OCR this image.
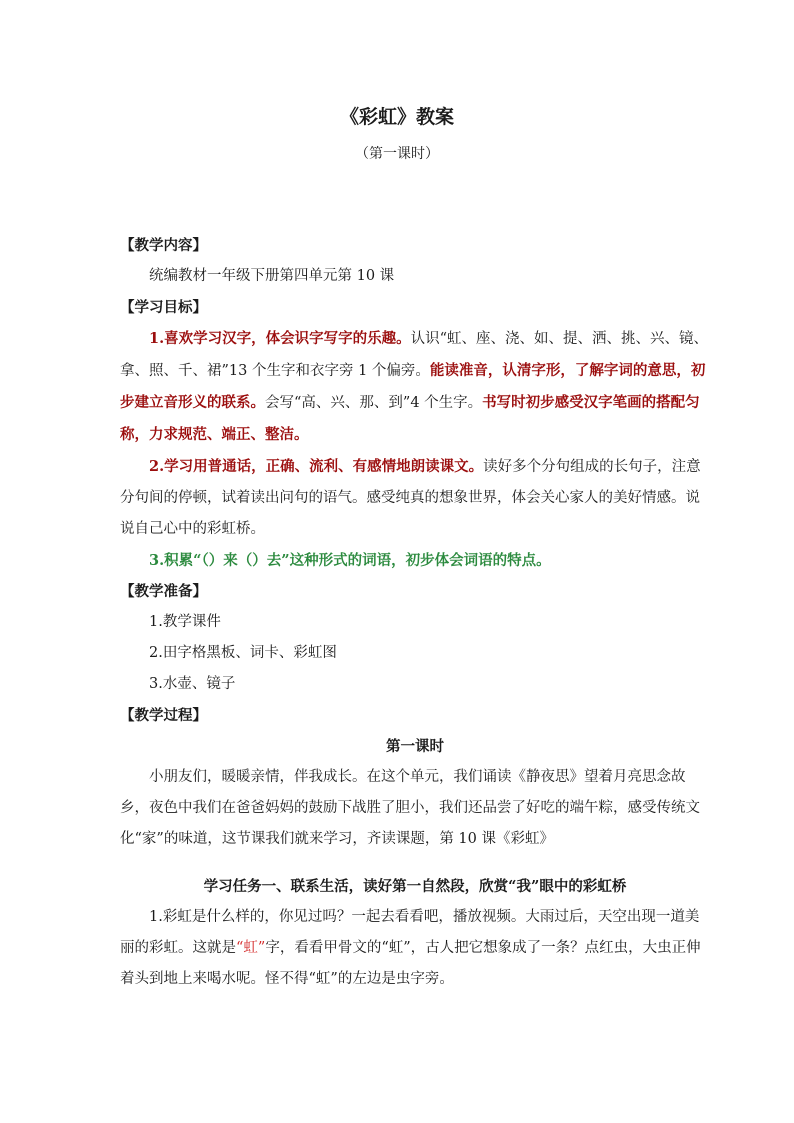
《彩虹》教案
（第一课时）

【教学内容】

统编教材一年级下册第四单元第 10 课

【学习目标】

1.喜欢学习汉字，体会识字写字的乐趣。认识“虹、座、浇、如、提、洒、挑、兴、镜、拿、照、千、裙”13 个生字和衣字旁 1 个偏旁。能读准音，认清字形，了解字词的意思，初步建立音形义的联系。会写“高、兴、那、到”4 个生字。书写时初步感受汉字笔画的搭配匀称，力求规范、端正、整洁。

2.学习用普通话，正确、流利、有感情地朗读课文。读好多个分句组成的长句子，注意分句间的停顿，试着读出问句的语气。感受纯真的想象世界，体会关心家人的美好情感。说说自己心中的彩虹桥。

3.积累“（）来（）去”这种形式的词语，初步体会词语的特点。

【教学准备】

1.教学课件

2.田字格黑板、词卡、彩虹图

3.水壶、镜子

【教学过程】

第一课时

小朋友们，暖暖亲情，伴我成长。在这个单元，我们诵读《静夜思》望着月亮思念故乡，夜色中我们在爸爸妈妈的鼓励下战胜了胆小，我们还品尝了好吃的端午粽，感受传统文化“家”的味道，这节课我们就来学习，齐读课题，第 10 课《彩虹》

学习任务一、联系生活，读好第一自然段，欣赏“我”眼中的彩虹桥

1.彩虹是什么样的，你见过吗？一起去看看吧，播放视频。大雨过后，天空出现一道美丽的彩虹。这就是“虹”字，看看甲骨文的“虹”，古人把它想象成了一条？点红虫，大虫正伸着头到地上来喝水呢。怪不得“虹”的左边是虫字旁。
